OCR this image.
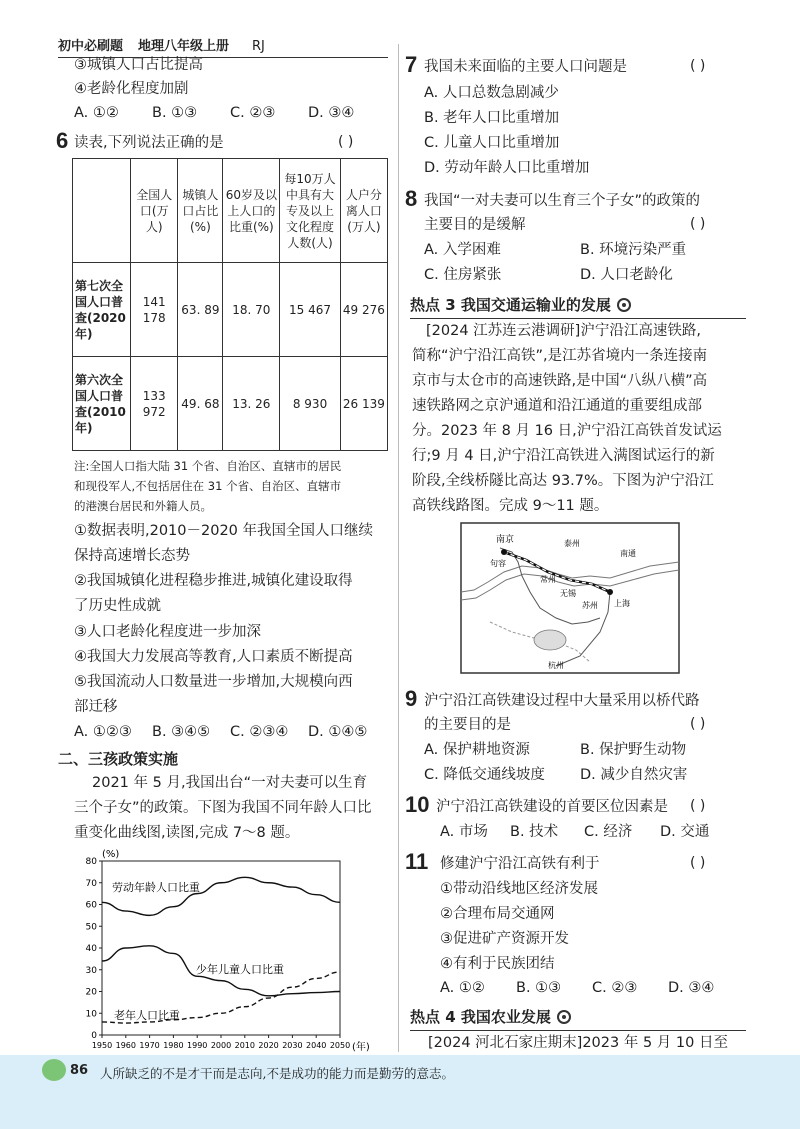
初中必刷题 地理八年级上册 RJ
③城镇人口占比提高
④老龄化程度加剧
A. ①② B. ①③ C. ②③ D. ③④
6 读表,下列说法正确的是	( )
	全国人口(万人)	城镇人口占比(%)	60岁及以上人口的比重(%)	每10万人中具有大专及以上文化程度人数(人)	人户分离人口(万人)
第七次全国人口普查(2020年)	141 178	63. 89	18. 70	15 467	49 276
第六次全国人口普查(2010年)	133 972	49. 68	13. 26	8 930	26 139
注:全国人口指大陆 31 个省、自治区、直辖市的居民
和现役军人,不包括居住在 31 个省、自治区、直辖市
的港澳台居民和外籍人员。
①数据表明,2010－2020 年我国全国人口继续
保持高速增长态势
②我国城镇化进程稳步推进,城镇化建设取得
了历史性成就
③人口老龄化程度进一步加深
④我国大力发展高等教育,人口素质不断提高
⑤我国流动人口数量进一步增加,大规模向西
部迁移
A. ①②③ B. ③④⑤ C. ②③④ D. ①④⑤
二、三孩政策实施
2021 年 5 月,我国出台“一对夫妻可以生育
三个子女”的政策。下图为我国不同年龄人口比
重变化曲线图,读图,完成 7～8 题。
0
10
20
30
40
50
60
70
80
1950 1960 1970 1980 1990 2000 2010 2020 2030 2040 2050
(%)
(年)
劳动年龄人口比重
少年儿童人口比重
老年人口比重
7 我国未来面临的主要人口问题是	( )
A. 人口总数急剧减少
B. 老年人口比重增加
C. 儿童人口比重增加
D. 劳动年龄人口比重增加
8 我国“一对夫妻可以生育三个子女”的政策的
主要目的是缓解	( )
A. 入学困难	B. 环境污染严重
C. 住房紧张	D. 人口老龄化
热点 3 我国交通运输业的发展
[2024 江苏连云港调研]沪宁沿江高速铁路,
简称“沪宁沿江高铁”,是江苏省境内一条连接南
京市与太仓市的高速铁路,是中国“八纵八横”高
速铁路网之京沪通道和沿江通道的重要组成部
分。2023 年 8 月 16 日,沪宁沿江高铁首发试运
行;9 月 4 日,沪宁沿江高铁进入满图试运行的新
阶段,全线桥隧比高达 93.7%。下图为沪宁沿江
高铁线路图。完成 9～11 题。
南京
句容
泰州
南通
常州
无锡
苏州 上海
杭州
9 沪宁沿江高铁建设过程中大量采用以桥代路
的主要目的是	( )
A. 保护耕地资源	B. 保护野生动物
C. 降低交通线坡度 D. 减少自然灾害
10 沪宁沿江高铁建设的首要区位因素是 ( )
A. 市场 B. 技术 C. 经济 D. 交通
11 修建沪宁沿江高铁有利于	( )
①带动沿线地区经济发展
②合理布局交通网
③促进矿产资源开发
④有利于民族团结
A. ①② B. ①③ C. ②③ D. ③④
热点 4 我国农业发展
[2024 河北石家庄期末]2023 年 5 月 10 日至
86 人所缺乏的不是才干而是志向,不是成功的能力而是勤劳的意志。
